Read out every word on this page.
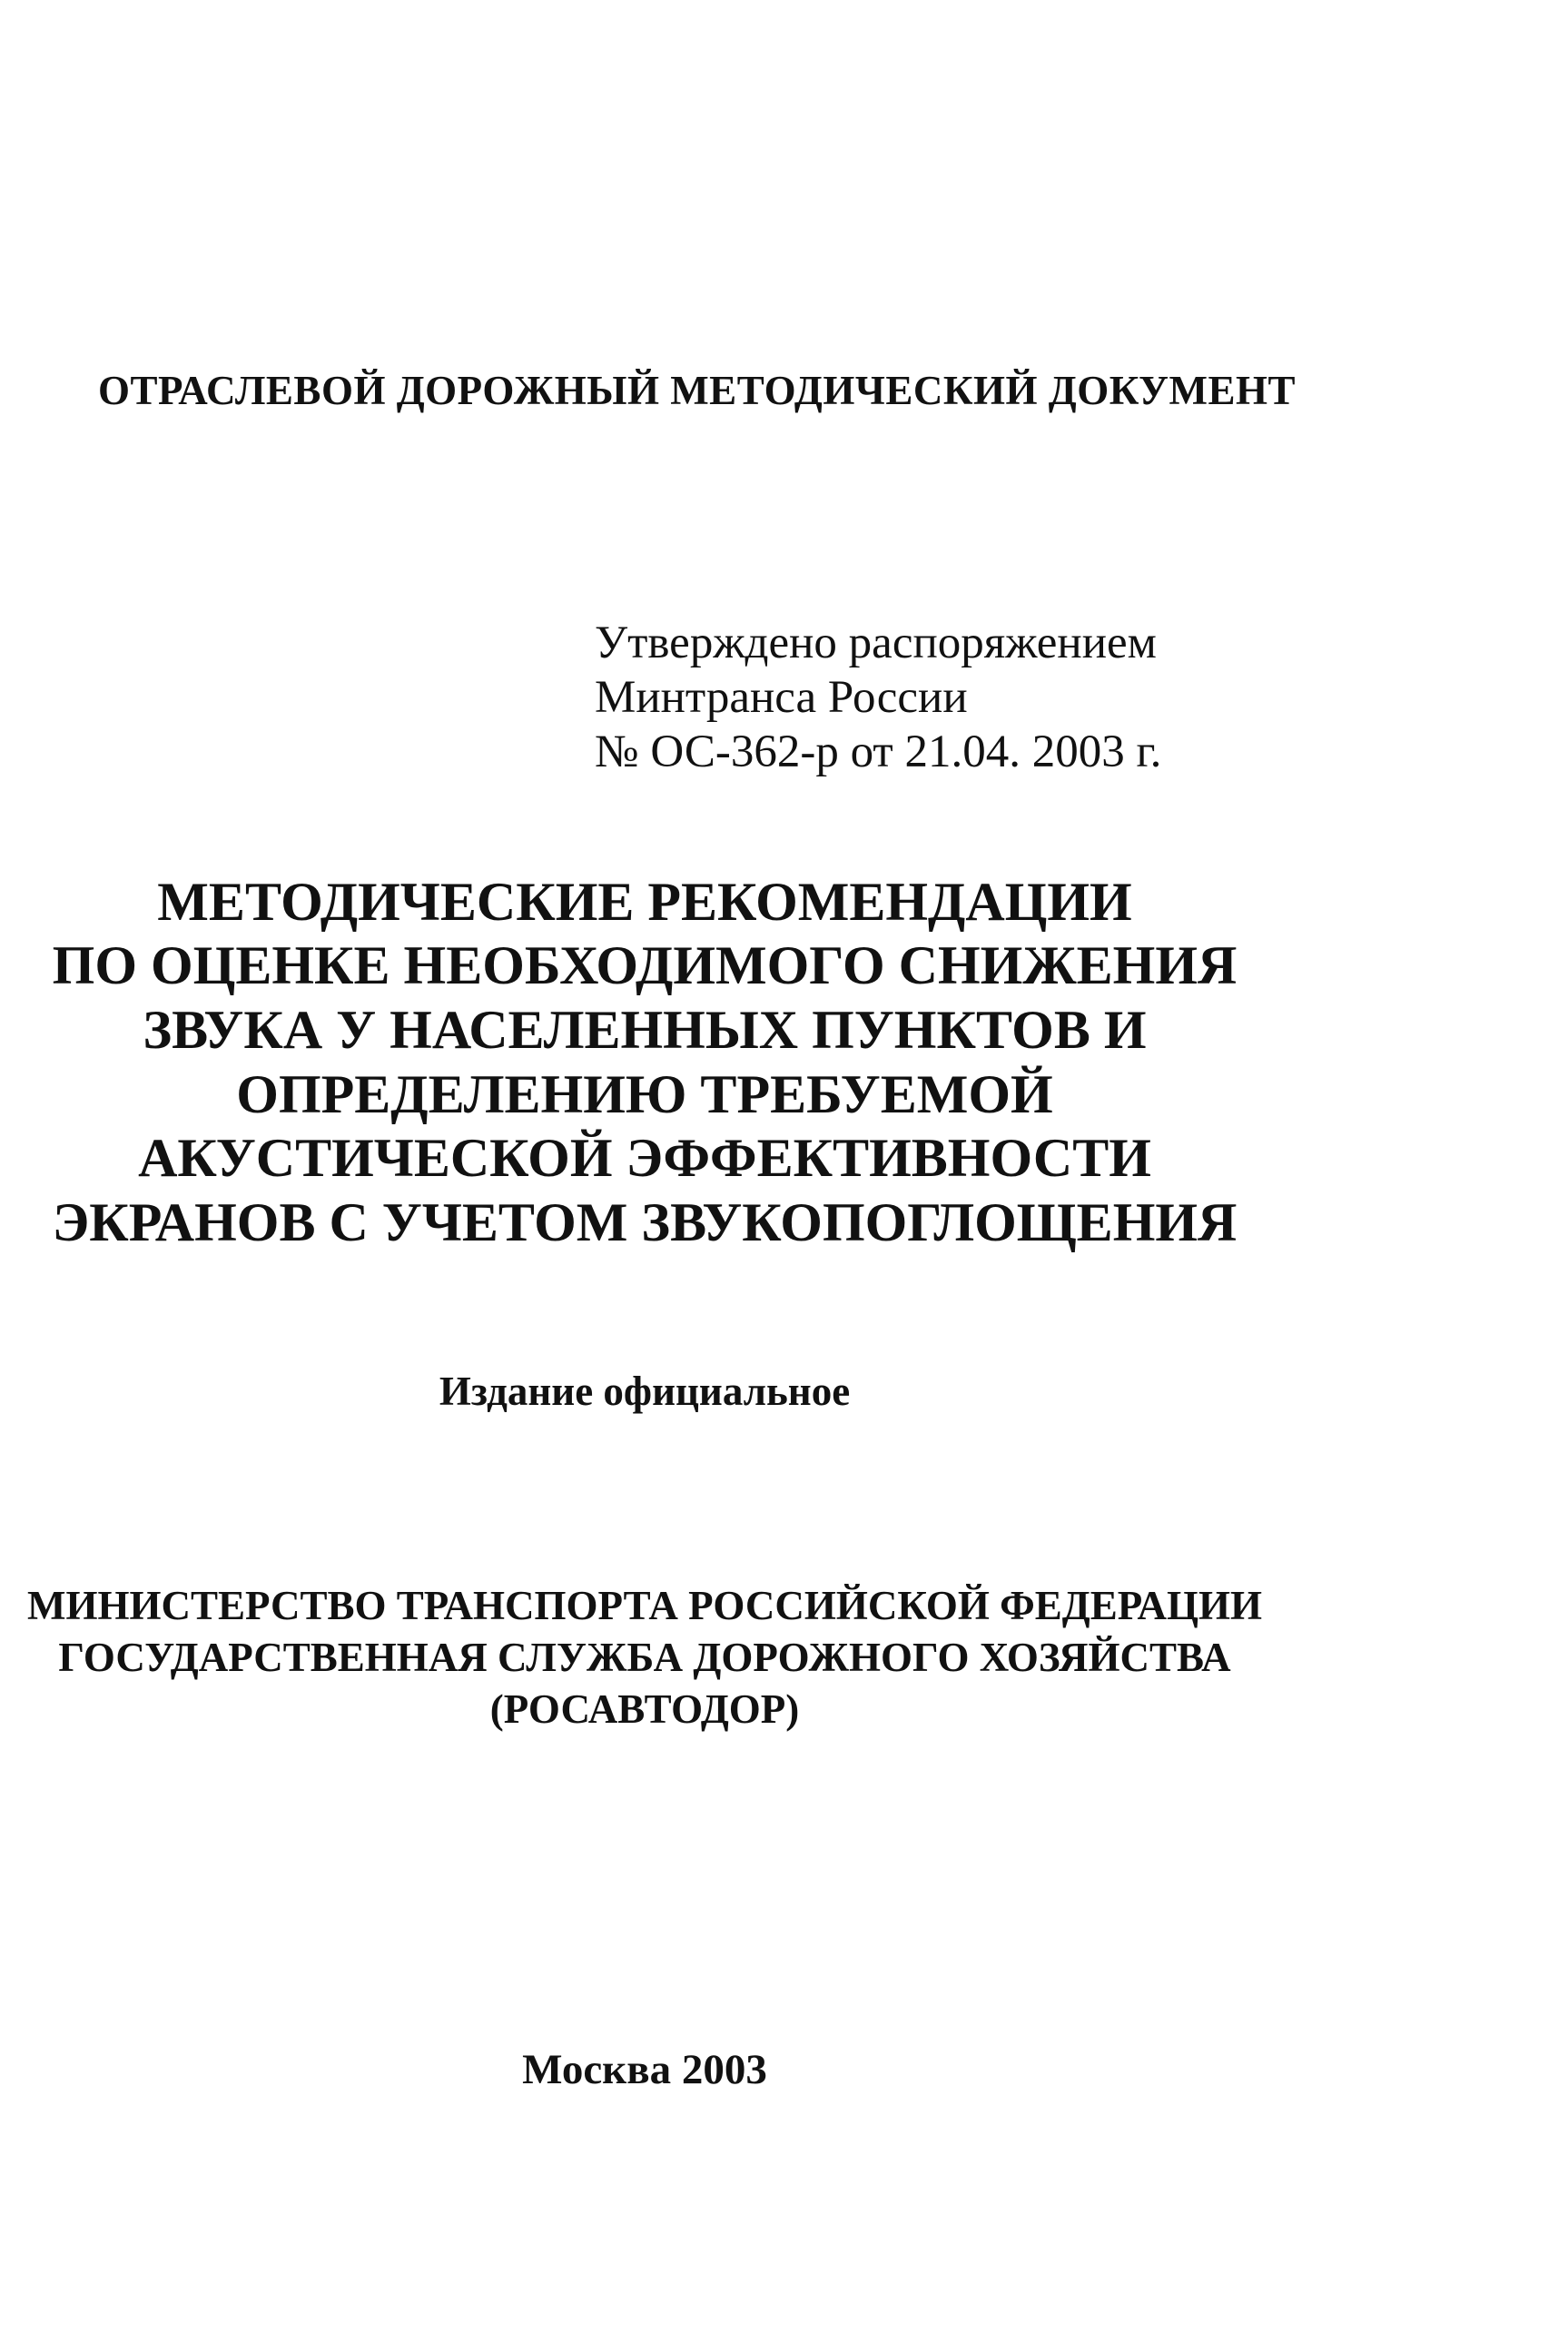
ОТРАСЛЕВОЙ ДОРОЖНЫЙ МЕТОДИЧЕСКИЙ ДОКУМЕНТ
Утверждено распоряжением
Минтранса России
№ ОС-362-р от 21.04. 2003 г.
МЕТОДИЧЕСКИЕ РЕКОМЕНДАЦИИ
ПО ОЦЕНКЕ НЕОБХОДИМОГО СНИЖЕНИЯ
ЗВУКА У НАСЕЛЕННЫХ ПУНКТОВ И
ОПРЕДЕЛЕНИЮ ТРЕБУЕМОЙ
АКУСТИЧЕСКОЙ ЭФФЕКТИВНОСТИ
ЭКРАНОВ С УЧЕТОМ ЗВУКОПОГЛОЩЕНИЯ
Издание официальное
МИНИСТЕРСТВО ТРАНСПОРТА РОССИЙСКОЙ ФЕДЕРАЦИИ
ГОСУДАРСТВЕННАЯ СЛУЖБА ДОРОЖНОГО ХОЗЯЙСТВА
(РОСАВТОДОР)
Москва 2003
